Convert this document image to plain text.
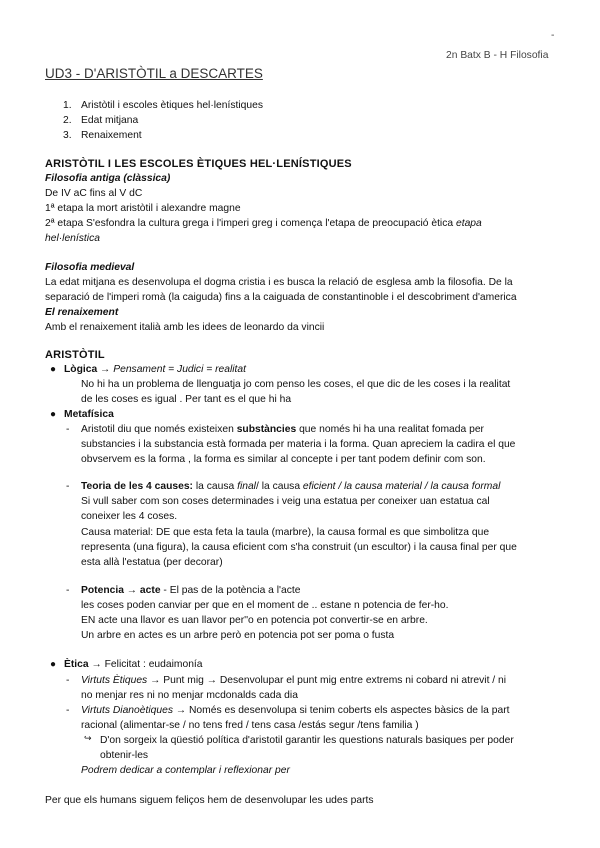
-
2n Batx B - H Filosofia
UD3 - D'ARISTÒTIL a DESCARTES
1. Aristòtil i escoles ètiques hel·lenístiques
2. Edat mitjana
3. Renaixement
ARISTÒTIL I LES ESCOLES ÈTIQUES HEL·LENÍSTIQUES
Filosofia antiga (clàssica)
De IV aC fins al V dC
1ª etapa la mort aristòtil i alexandre magne
2ª etapa S'esfondra la cultura grega i l'imperi greg i comença l'etapa de preocupació ètica etapa
hel·lenística
Filosofia medieval
La edat mitjana es desenvolupa el dogma cristia i es busca la relació de esglesa amb la filosofia. De la
separació de l'imperi romà (la caiguda) fins a la caiguada de constantinoble i el descobriment d'america
El renaixement
Amb el renaixement italià amb les idees de leonardo da vincii
ARISTÒTIL
● Lògica → Pensament = Judici = realitat
No hi ha un problema de llenguatja jo com penso les coses, el que dic de les coses i la realitat
de les coses es igual . Per tant es el que hi ha
● Metafísica
- Aristotil diu que només existeixen substàncies que només hi ha una realitat fomada per
substancies i la substancia està formada per materia i la forma. Quan apreciem la cadira el que
obvservem es la forma , la forma es similar al concepte i per tant podem definir com son.
- Teoria de les 4 causes: la causa final/ la causa eficient / la causa material / la causa formal
Si vull saber com son coses determinades i veig una estatua per coneixer uan estatua cal
coneixer les 4 coses.
Causa material: DE que esta feta la taula (marbre), la causa formal es que simbolitza que
representa (una figura), la causa eficient com s'ha construit (un escultor) i la causa final per que
esta allà l'estatua (per decorar)
- Potencia → acte - El pas de la potència a l'acte
les coses poden canviar per que en el moment de .. estane n potencia de fer-ho.
EN acte una llavor es uan llavor per''o en potencia pot convertir-se en arbre.
Un arbre en actes es un arbre però en potencia pot ser poma o fusta
● Ètica → Felicitat : eudaimonía
- Virtuts Ètiques → Punt mig → Desenvolupar el punt mig entre extrems ni cobard ni atrevit / ni
no menjar res ni no menjar mcdonalds cada dia
- Virtuts Dianoètiques → Només es desenvolupa si tenim coberts els aspectes bàsics de la part
racional (alimentar-se / no tens fred / tens casa /estás segur /tens familia )
↪ D'on sorgeix la qüestió política d'aristotil garantir les questions naturals basiques per poder
obtenir-les
Podrem dedicar a contemplar i reflexionar per
Per que els humans siguem feliços hem de desenvolupar les udes parts
